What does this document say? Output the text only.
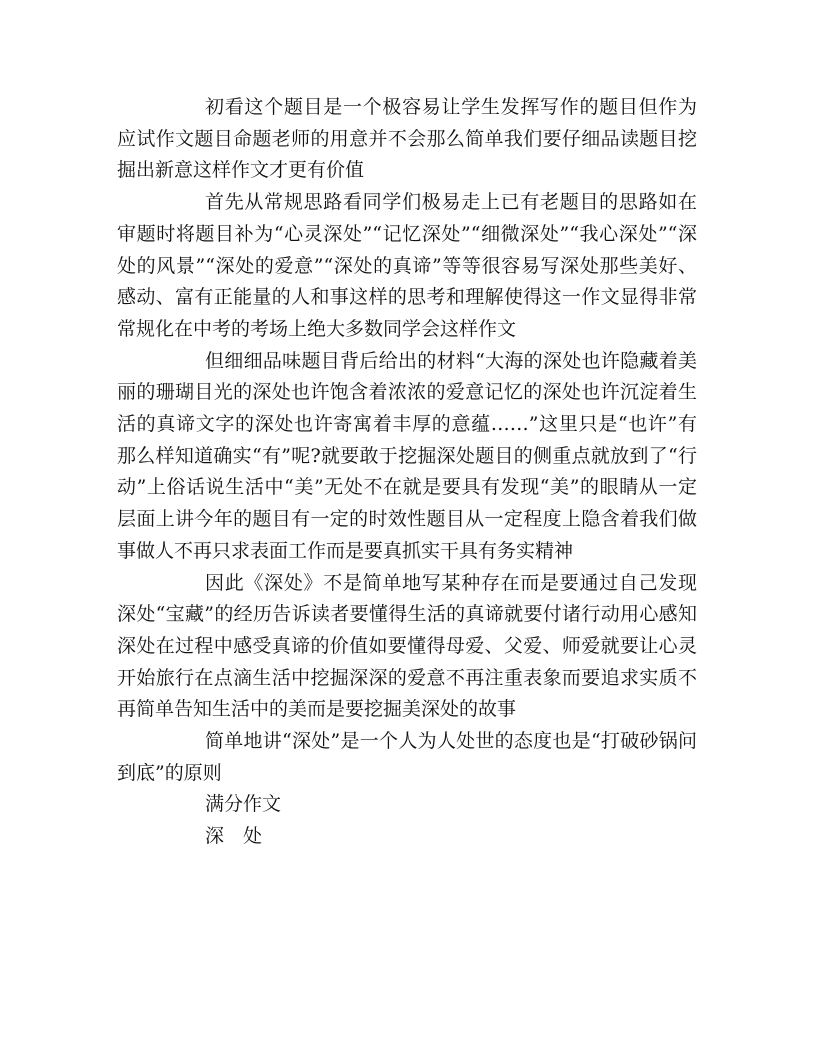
初看这个题目是一个极容易让学生发挥写作的题目但作为应试作文题目命题老师的用意并不会那么简单我们要仔细品读题目挖掘出新意这样作文才更有价值

首先从常规思路看同学们极易走上已有老题目的思路如在审题时将题目补为“心灵深处”“记忆深处”“细微深处”“我心深处”“深处的风景”“深处的爱意”“深处的真谛”等等很容易写深处那些美好、感动、富有正能量的人和事这样的思考和理解使得这一作文显得非常常规化在中考的考场上绝大多数同学会这样作文

但细细品味题目背后给出的材料“大海的深处也许隐藏着美丽的珊瑚目光的深处也许饱含着浓浓的爱意记忆的深处也许沉淀着生活的真谛文字的深处也许寄寓着丰厚的意蕴……”这里只是“也许”有那么样知道确实“有”呢?就要敢于挖掘深处题目的侧重点就放到了“行动”上俗话说生活中“美”无处不在就是要具有发现“美”的眼睛从一定层面上讲今年的题目有一定的时效性题目从一定程度上隐含着我们做事做人不再只求表面工作而是要真抓实干具有务实精神

因此《深处》不是简单地写某种存在而是要通过自己发现深处“宝藏”的经历告诉读者要懂得生活的真谛就要付诸行动用心感知深处在过程中感受真谛的价值如要懂得母爱、父爱、师爱就要让心灵开始旅行在点滴生活中挖掘深深的爱意不再注重表象而要追求实质不再简单告知生活中的美而是要挖掘美深处的故事

简单地讲“深处”是一个人为人处世的态度也是“打破砂锅问到底”的原则

满分作文

深　处
